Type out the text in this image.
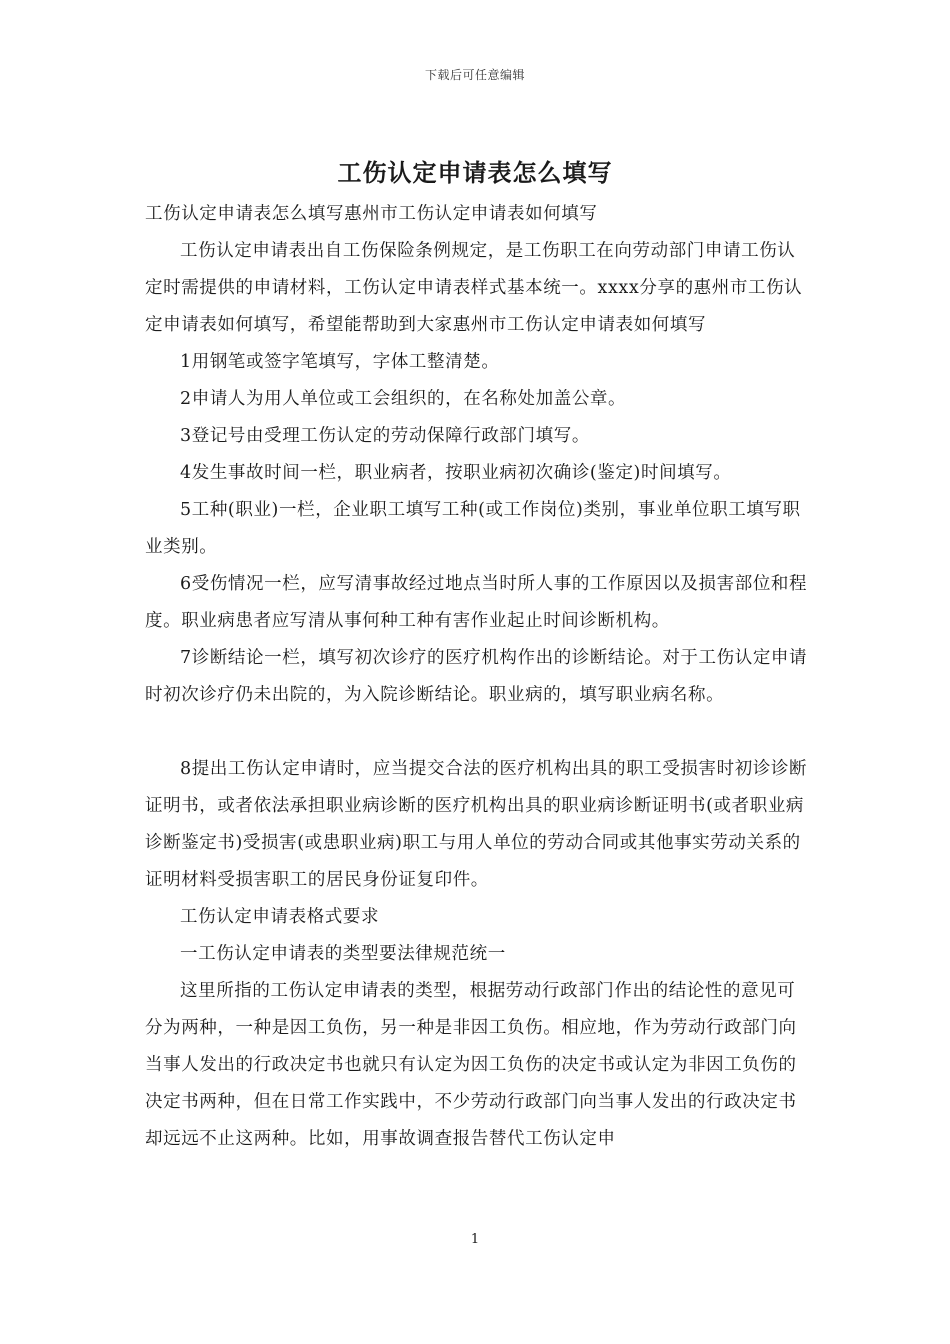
下载后可任意编辑
工伤认定申请表怎么填写

工伤认定申请表怎么填写惠州市工伤认定申请表如何填写

工伤认定申请表出自工伤保险条例规定，是工伤职工在向劳动部门申请工伤认定时需提供的申请材料，工伤认定申请表样式基本统一。xxxx分享的惠州市工伤认定申请表如何填写，希望能帮助到大家惠州市工伤认定申请表如何填写

1用钢笔或签字笔填写，字体工整清楚。

2申请人为用人单位或工会组织的，在名称处加盖公章。

3登记号由受理工伤认定的劳动保障行政部门填写。

4发生事故时间一栏，职业病者，按职业病初次确诊(鉴定)时间填写。

5工种(职业)一栏，企业职工填写工种(或工作岗位)类别，事业单位职工填写职业类别。

6受伤情况一栏，应写清事故经过地点当时所人事的工作原因以及损害部位和程度。职业病患者应写清从事何种工种有害作业起止时间诊断机构。

7诊断结论一栏，填写初次诊疗的医疗机构作出的诊断结论。对于工伤认定申请时初次诊疗仍未出院的，为入院诊断结论。职业病的，填写职业病名称。

8提出工伤认定申请时，应当提交合法的医疗机构出具的职工受损害时初诊诊断证明书，或者依法承担职业病诊断的医疗机构出具的职业病诊断证明书(或者职业病诊断鉴定书)受损害(或患职业病)职工与用人单位的劳动合同或其他事实劳动关系的证明材料受损害职工的居民身份证复印件。

工伤认定申请表格式要求

一工伤认定申请表的类型要法律规范统一

这里所指的工伤认定申请表的类型，根据劳动行政部门作出的结论性的意见可分为两种，一种是因工负伤，另一种是非因工负伤。相应地，作为劳动行政部门向当事人发出的行政决定书也就只有认定为因工负伤的决定书或认定为非因工负伤的决定书两种，但在日常工作实践中，不少劳动行政部门向当事人发出的行政决定书却远远不止这两种。比如，用事故调查报告替代工伤认定申

1
